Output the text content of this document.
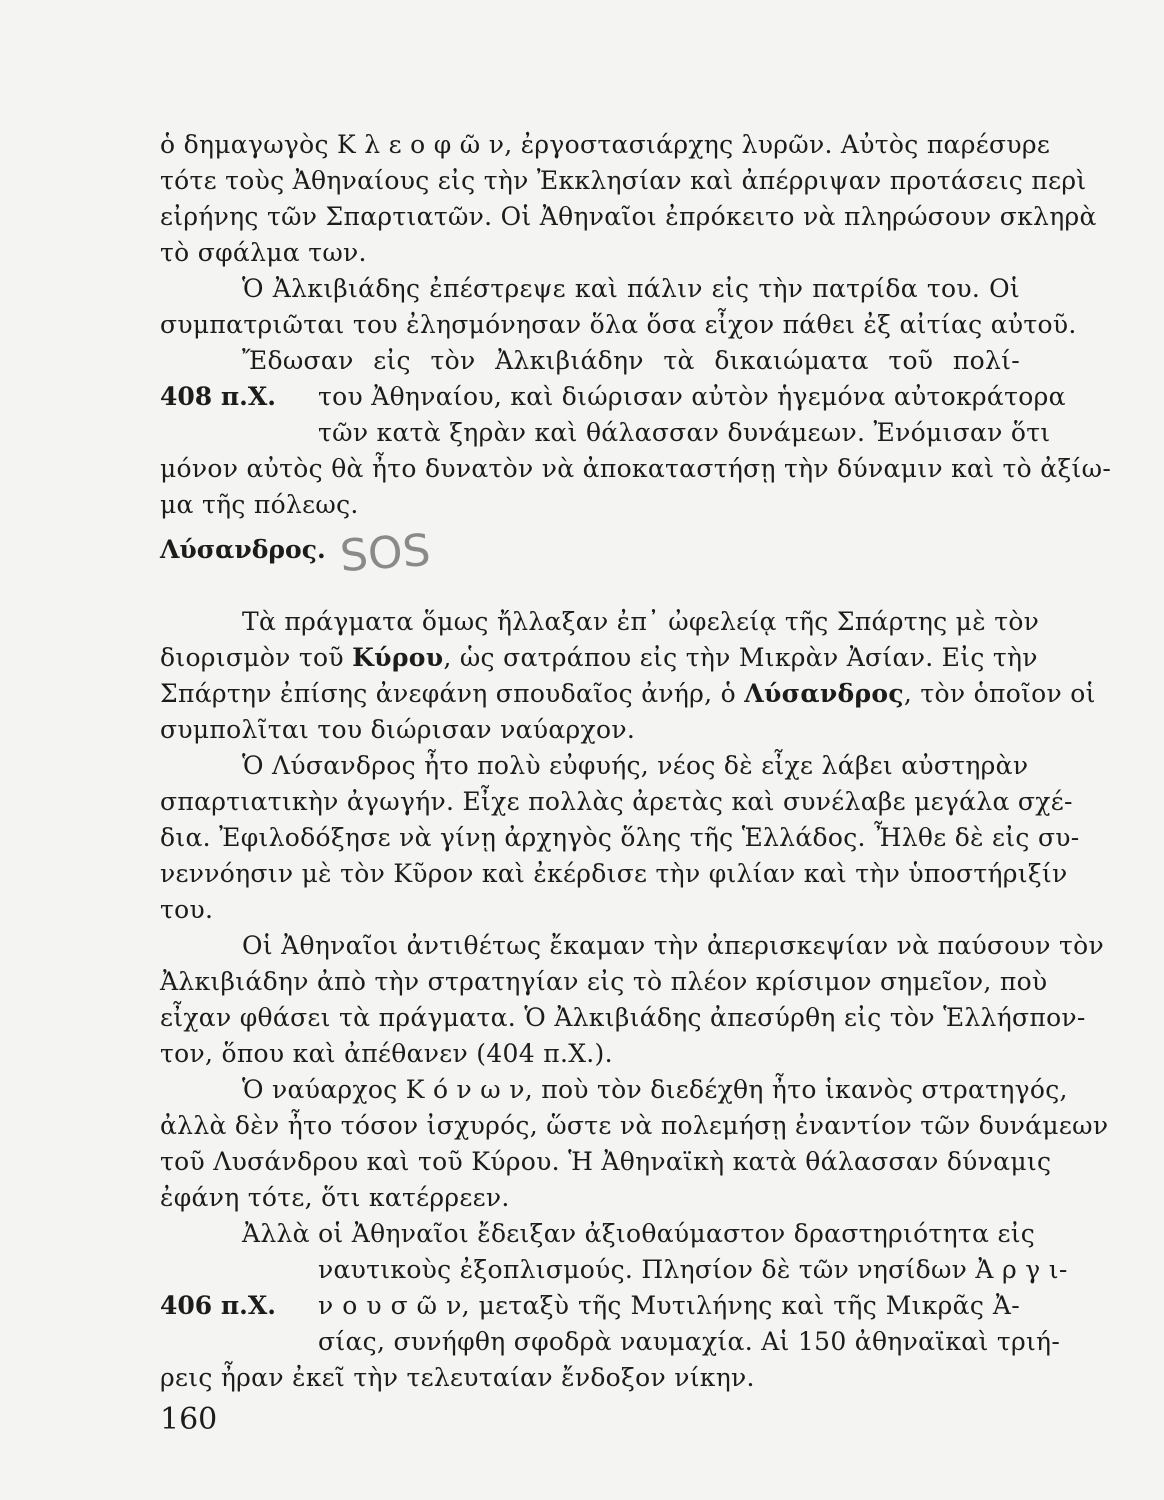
ὁ δημαγωγὸς Κ λ ε ο φ ῶ ν, ἐργοστασιάρχης λυρῶν. Αὐτὸς παρέσυρε
τότε τοὺς Ἀθηναίους εἰς τὴν Ἐκκλησίαν καὶ ἀπέρριψαν προτάσεις περὶ
εἰρήνης τῶν Σπαρτιατῶν. Οἱ Ἀθηναῖοι ἐπρόκειτο νὰ πληρώσουν σκληρὰ
τὸ σφάλμα των.
Ὁ Ἀλκιβιάδης ἐπέστρεψε καὶ πάλιν εἰς τὴν πατρίδα του. Οἱ
συμπατριῶται του ἐλησμόνησαν ὅλα ὅσα εἶχον πάθει ἐξ αἰτίας αὐτοῦ.
Ἔδωσαν εἰς τὸν Ἀλκιβιάδην τὰ δικαιώματα τοῦ πολί-
408 π.Χ. του Ἀθηναίου, καὶ διώρισαν αὐτὸν ἡγεμόνα αὐτοκράτορα
τῶν κατὰ ξηρὰν καὶ θάλασσαν δυνάμεων. Ἐνόμισαν ὅτι
μόνον αὐτὸς θὰ ἦτο δυνατὸν νὰ ἀποκαταστήσῃ τὴν δύναμιν καὶ τὸ ἀξίω-
μα τῆς πόλεως.
Λύσανδρος. SOS
Τὰ πράγματα ὅμως ἤλλαξαν ἐπ᾽ ὠφελείᾳ τῆς Σπάρτης μὲ τὸν
διορισμὸν τοῦ Κύρου, ὡς σατράπου εἰς τὴν Μικρὰν Ἀσίαν. Εἰς τὴν
Σπάρτην ἐπίσης ἀνεφάνη σπουδαῖος ἀνήρ, ὁ Λύσανδρος, τὸν ὁποῖον οἱ
συμπολῖται του διώρισαν ναύαρχον.
Ὁ Λύσανδρος ἦτο πολὺ εὐφυής, νέος δὲ εἶχε λάβει αὐστηρὰν
σπαρτιατικὴν ἀγωγήν. Εἶχε πολλὰς ἀρετὰς καὶ συνέλαβε μεγάλα σχέ-
δια. Ἐφιλοδόξησε νὰ γίνῃ ἀρχηγὸς ὅλης τῆς Ἑλλάδος. Ἦλθε δὲ εἰς συ-
νεννόησιν μὲ τὸν Κῦρον καὶ ἐκέρδισε τὴν φιλίαν καὶ τὴν ὑποστήριξίν
του.
Οἱ Ἀθηναῖοι ἀντιθέτως ἔκαμαν τὴν ἀπερισκεψίαν νὰ παύσουν τὸν
Ἀλκιβιάδην ἀπὸ τὴν στρατηγίαν εἰς τὸ πλέον κρίσιμον σημεῖον, ποὺ
εἶχαν φθάσει τὰ πράγματα. Ὁ Ἀλκιβιάδης ἀπεσύρθη εἰς τὸν Ἑλλήσπον-
τον, ὅπου καὶ ἀπέθανεν (404 π.Χ.).
Ὁ ναύαρχος Κ ό ν ω ν, ποὺ τὸν διεδέχθη ἦτο ἱκανὸς στρατηγός,
ἀλλὰ δὲν ἦτο τόσον ἰσχυρός, ὥστε νὰ πολεμήσῃ ἐναντίον τῶν δυνάμεων
τοῦ Λυσάνδρου καὶ τοῦ Κύρου. Ἡ Ἀθηναϊκὴ κατὰ θάλασσαν δύναμις
ἐφάνη τότε, ὅτι κατέρρεεν.
Ἀλλὰ οἱ Ἀθηναῖοι ἔδειξαν ἀξιοθαύμαστον δραστηριότητα εἰς
ναυτικοὺς ἐξοπλισμούς. Πλησίον δὲ τῶν νησίδων Ἀ ρ γ ι-
406 π.Χ. ν ο υ σ ῶ ν, μεταξὺ τῆς Μυτιλήνης καὶ τῆς Μικρᾶς Ἀ-
σίας, συνήφθη σφοδρὰ ναυμαχία. Αἱ 150 ἀθηναϊκαὶ τριή-
ρεις ἦραν ἐκεῖ τὴν τελευταίαν ἔνδοξον νίκην.
160
